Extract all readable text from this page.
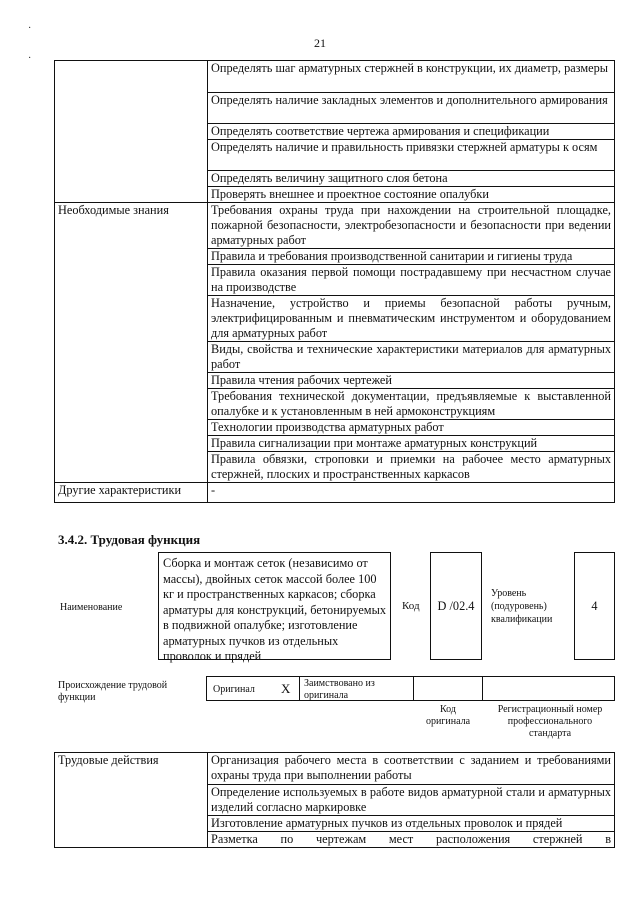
·
·
21
	Определять шаг арматурных стержней в конструкции, их диаметр, размеры
	Определять наличие закладных элементов и дополнительного армирования
	Определять соответствие чертежа армирования и спецификации
	Определять наличие и правильность привязки стержней арматуры к осям
	Определять величину защитного слоя бетона
	Проверять внешнее и проектное состояние опалубки
Необходимые знания	Требования охраны труда при нахождении на строительной площадке, пожарной безопасности, электробезопасности и безопасности при ведении арматурных работ
	Правила и требования производственной санитарии и гигиены труда
	Правила оказания первой помощи пострадавшему при несчастном случае на производстве
	Назначение, устройство и приемы безопасной работы ручным, электрифицированным и пневматическим инструментом и оборудованием для арматурных работ
	Виды, свойства и технические характеристики материалов для арматурных работ
	Правила чтения рабочих чертежей
	Требования технической документации, предъявляемые к выставленной опалубке и к установленным в ней армоконструкциям
	Технологии производства арматурных работ
	Правила сигнализации при монтаже арматурных конструкций
	Правила обвязки, строповки и приемки на рабочее место арматурных стержней, плоских и пространственных каркасов
Другие характеристики	-
3.4.2. Трудовая функция
Наименование
Сборка и монтаж сеток (независимо от массы), двойных сеток массой более 100 кг и пространственных каркасов; сборка арматуры для конструкций, бетонируемых в подвижной опалубке; изготовление арматурных пучков из отдельных проволок и прядей
Код	D /02.4
Уровень (подуровень) квалификации
4
Происхождение трудовой функции
Оригинал X Заимствовано из оригинала
Код оригинала
Регистрационный номер профессионального стандарта
Трудовые действия	Организация рабочего места в соответствии с заданием и требованиями охраны труда при выполнении работы
Определение используемых в работе видов арматурной стали и арматурных изделий согласно маркировке
Изготовление арматурных пучков из отдельных проволок и прядей
Разметка по чертежам мест расположения стержней в
